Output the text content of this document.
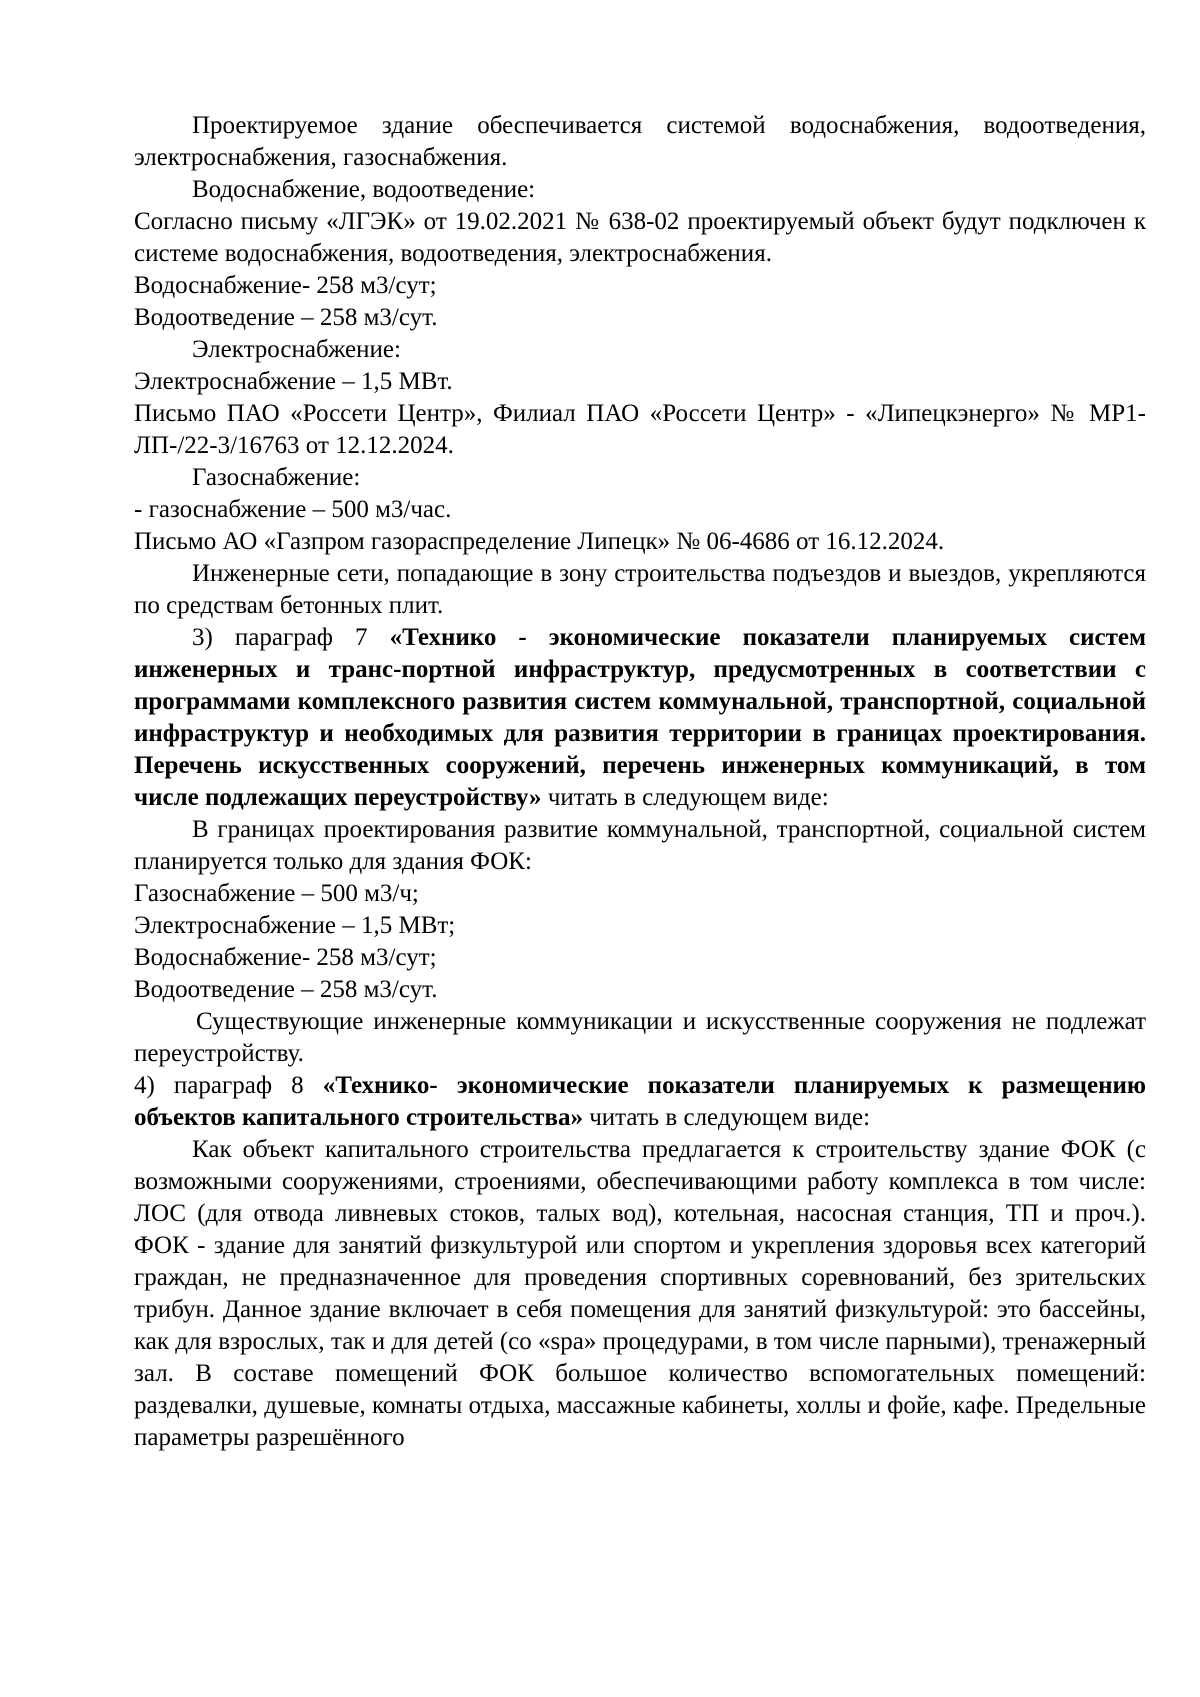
Проектируемое здание обеспечивается системой водоснабжения, водоотведения, электроснабжения, газоснабжения.

Водоснабжение, водоотведение:

Согласно письму «ЛГЭК» от 19.02.2021 № 638-02 проектируемый объект будут подключен к системе водоснабжения, водоотведения, электроснабжения.

Водоснабжение- 258 м3/сут;

Водоотведение – 258 м3/сут.

Электроснабжение:

Электроснабжение – 1,5 МВт.

Письмо ПАО «Россети Центр», Филиал ПАО «Россети Центр» - «Липецкэнерго» № МР1-ЛП-/22-3/16763 от 12.12.2024.

Газоснабжение:

- газоснабжение – 500 м3/час.

Письмо АО «Газпром газораспределение Липецк» № 06-4686 от 16.12.2024.

Инженерные сети, попадающие в зону строительства подъездов и выездов, укрепляются по средствам бетонных плит.

3) параграф 7 «Технико - экономические показатели планируемых систем инженерных и транс-портной инфраструктур, предусмотренных в соответствии с программами комплексного развития систем коммунальной, транспортной, социальной инфраструктур и необходимых для развития территории в границах проектирования. Перечень искусственных сооружений, перечень инженерных коммуникаций, в том числе подлежащих переустройству» читать в следующем виде:

В границах проектирования развитие коммунальной, транспортной, социальной систем планируется только для здания ФОК:

Газоснабжение – 500 м3/ч;

Электроснабжение – 1,5 МВт;

Водоснабжение- 258 м3/сут;

Водоотведение – 258 м3/сут.

Существующие инженерные коммуникации и искусственные сооружения не подлежат переустройству.

4) параграф 8 «Технико- экономические показатели планируемых к размещению объектов капитального строительства» читать в следующем виде:

Как объект капитального строительства предлагается к строительству здание ФОК (с возможными сооружениями, строениями, обеспечивающими работу комплекса в том числе: ЛОС (для отвода ливневых стоков, талых вод), котельная, насосная станция, ТП и проч.). ФОК - здание для занятий физкультурой или спортом и укрепления здоровья всех категорий граждан, не предназначенное для проведения спортивных соревнований, без зрительских трибун. Данное здание включает в себя помещения для занятий физкультурой: это бассейны, как для взрослых, так и для детей (со «spa» процедурами, в том числе парными), тренажерный зал. В составе помещений ФОК большое количество вспомогательных помещений: раздевалки, душевые, комнаты отдыха, массажные кабинеты, холлы и фойе, кафе. Предельные параметры разрешённого
